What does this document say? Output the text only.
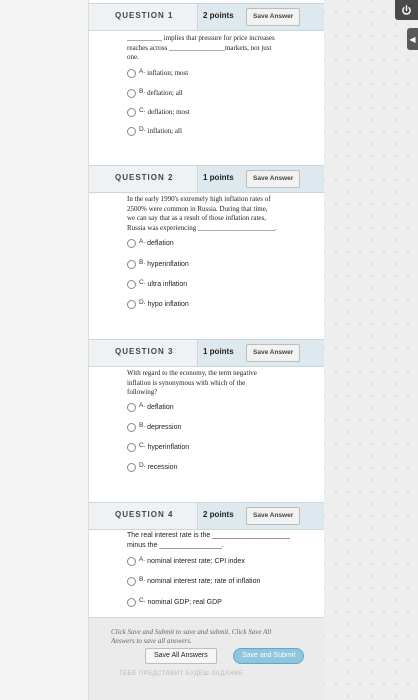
QUESTION 1	2 points	Save Answer
__________ implies that pressure for price increases
reaches across ________________markets, not just
one.
A. inflation; most
B. deflation; all
C. deflation; most
D. inflation; all
QUESTION 2	1 points	Save Answer
In the early 1990's extremely high inflation rates of
2500% were common in Russia. During that time,
we can say that as a result of those inflation rates,
Russia was experiencing ______________________.
A. deflation
B. hyperinflation
C. ultra inflation
D. hypo inflation
QUESTION 3	1 points	Save Answer
With regard to the economy, the term negative
inflation is synonymous with which of the
following?
A. deflation
B. depression
C. hyperinflation
D. recession
QUESTION 4	2 points	Save Answer
The real interest rate is the ____________________
minus the ________________.
A. nominal interest rate; CPI index
B. nominal interest rate; rate of inflation
C. nominal GDP; real GDP
Click Save and Submit to save and submit. Click Save All
Answers to save all answers.
Save All Answers	Save and Submit
ТЕБЕ ПРЕДСТАВИТ БУДЕШ ЗАДАНИЕ
◀
